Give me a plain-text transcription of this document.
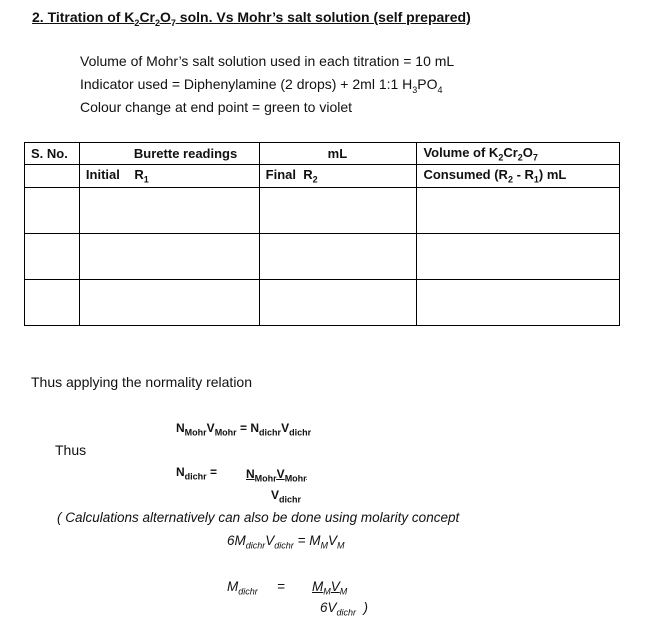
2. Titration of $K_2Cr_2O_7$ soln. Vs Mohr’s salt solution (self prepared)
Volume of Mohr’s salt solution used in each titration = 10 mL
Indicator used = Diphenylamine (2 drops) + 2ml 1:1 $H_3PO_4$
Colour change at end point = green to violet
S. No.	Burette readings	mL	Volume of $K_2Cr_2O_7$
	Initial $R_1$	Final $R_2$	Consumed $(R_2 - R_1)$ mL

Thus applying the normality relation
$N_{Mohr}V_{Mohr} = N_{dichr}V_{dichr}$
Thus
$N_{dichr} = N_{Mohr}V_{Mohr}$
$V_{dichr}$
( Calculations alternatively can also be done using molarity concept
$6M_{dichr}V_{dichr} = M_MV_M$
$M_{dichr} = M_MV_M$
$6V_{dichr}$ )
